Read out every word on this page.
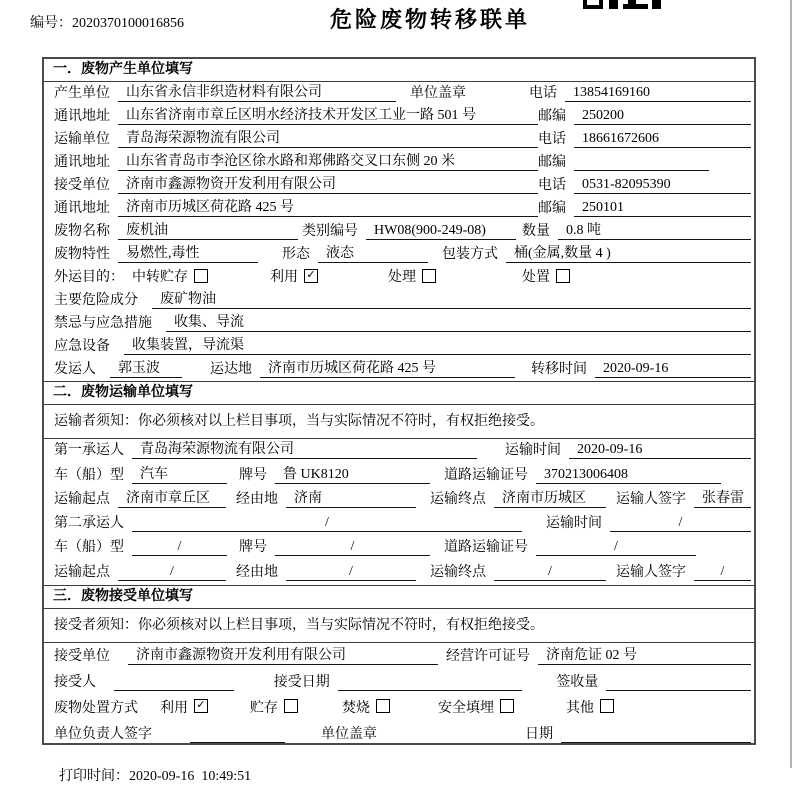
编号：2020370100016856	危险废物转移联单
一．废物产生单位填写
产生单位	山东省永信非织造材料有限公司	单位盖章	电话	13854169160
通讯地址	山东省济南市章丘区明水经济技术开发区工业一路 501 号	邮编	250200
运输单位	青岛海荣源物流有限公司	电话	18661672606
通讯地址	山东省青岛市李沧区徐水路和郑佛路交叉口东侧 20 米	邮编
接受单位	济南市鑫源物资开发利用有限公司	电话	0531-82095390
通讯地址	济南市历城区荷花路 425 号	邮编	250101
废物名称	废机油	类别编号	HW08(900-249-08)	数量	0.8 吨
废物特性	易燃性,毒性	形态	液态	包装方式	桶(金属,数量 4 )
外运目的： 中转贮存	利用 ✓	处理	处置
主要危险成分	废矿物油
禁忌与应急措施	收集、导流
应急设备	收集装置，导流渠
发运人	郭玉波	运达地	济南市历城区荷花路 425 号	转移时间	2020-09-16
二．废物运输单位填写
运输者须知：你必须核对以上栏目事项，当与实际情况不符时，有权拒绝接受。
第一承运人	青岛海荣源物流有限公司	运输时间	2020-09-16
车（船）型	汽车	牌号	鲁 UK8120	道路运输证号	370213006408
运输起点	济南市章丘区	经由地	济南	运输终点	济南市历城区	运输人签字	张春雷
第二承运人	/	运输时间	/
车（船）型	/	牌号	/	道路运输证号	/
运输起点	/	经由地	/	运输终点	/	运输人签字	/
三．废物接受单位填写
接受者须知：你必须核对以上栏目事项，当与实际情况不符时，有权拒绝接受。
接受单位	济南市鑫源物资开发利用有限公司	经营许可证号	济南危证 02 号
接受人	接受日期	签收量
废物处置方式 利用 ✓	贮存	焚烧	安全填埋	其他
单位负责人签字	单位盖章	日期

打印时间：2020-09-16  10:49:51
